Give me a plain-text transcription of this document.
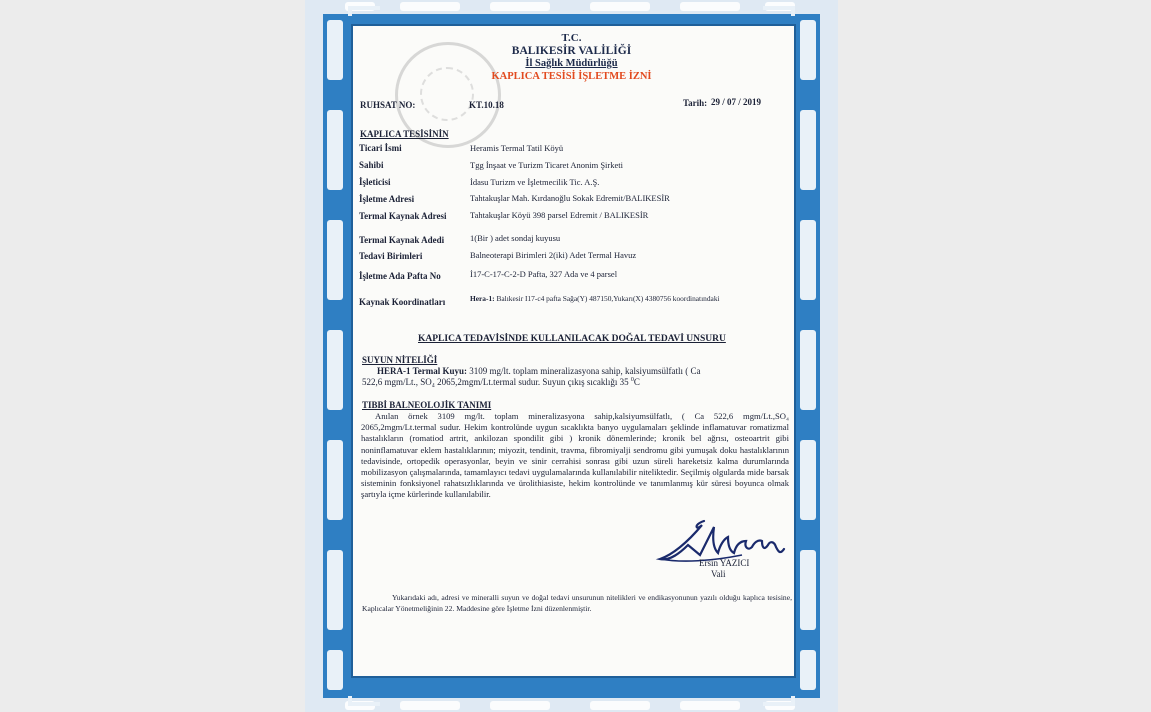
T.C.
BALIKESİR VALİLİĞİ
İl Sağlık Müdürlüğü
KAPLICA TESİSİ İŞLETME İZNİ
RUHSAT NO:	KT.10.18	Tarih: 29 / 07 / 2019
KAPLICA TESİSİNİN
Ticari İsmi	Heramis Termal Tatil Köyü
Sahibi	Tgg İnşaat ve Turizm Ticaret Anonim Şirketi
İşleticisi	İdasu Turizm ve İşletmecilik Tic. A.Ş.
İşletme Adresi	Tahtakuşlar Mah. Kırdanoğlu Sokak Edremit/BALIKESİR
Termal Kaynak Adresi	Tahtakuşlar Köyü 398 parsel Edremit / BALIKESİR
Termal Kaynak Adedi	1(Bir ) adet sondaj kuyusu
Tedavi Birimleri	Balneoterapi Birimleri 2(iki) Adet Termal Havuz
İşletme Ada Pafta No	İ17-C-17-C-2-D Pafta, 327 Ada ve 4 parsel
Kaynak Koordinatları	Hera-1: Balıkesir I17-c4 pafta Sağa(Y) 487150,Yukarı(X) 4380756 koordinatındaki
KAPLICA TEDAVİSİNDE KULLANILACAK DOĞAL TEDAVİ UNSURU
SUYUN NİTELİĞİ
HERA-1 Termal Kuyu: 3109 mg/lt. toplam mineralizasyona sahip, kalsiyumsülfatlı ( Ca
522,6 mgm/Lt., SO₄ 2065,2mgm/Lt.termal sudur. Suyun çıkış sıcaklığı 35 $^0$C
TIBBİ BALNEOLOJİK TANIMI
Anılan örnek 3109 mg/lt. toplam mineralizasyona sahip,kalsiyumsülfatlı, ( Ca 522,6 mgm/Lt.,SO₄ 2065,2mgm/Lt.termal sudur. Hekim kontrolünde uygun sıcaklıkta banyo uygulamaları şeklinde inflamatuvar romatizmal hastalıkların (romatiod artrit, ankilozan spondilit gibi ) kronik dönemlerinde; kronik bel ağrısı, osteoartrit gibi noninflamatuvar eklem hastalıklarının; miyozit, tendinit, travma, fibromiyalji sendromu gibi yumuşak doku hastalıklarının tedavisinde, ortopedik operasyonlar, beyin ve sinir cerrahisi sonrası gibi uzun süreli hareketsiz kalma durumlarında mobilizasyon çalışmalarında, tamamlayıcı tedavi uygulamalarında kullanılabilir niteliktedir. Seçilmiş olgularda mide barsak sisteminin fonksiyonel rahatsızlıklarında ve ürolithiasiste, hekim kontrolünde ve tanımlanmış kür süresi boyunca olmak şartıyla içme kürlerinde kullanılabilir.
Ersin YAZICI
Vali
Yukarıdaki adı, adresi ve mineralli suyun ve doğal tedavi unsurunun nitelikleri ve endikasyonunun yazılı olduğu kaplıca tesisine, Kaplıcalar Yönetmeliğinin 22. Maddesine göre İşletme İzni düzenlenmiştir.
